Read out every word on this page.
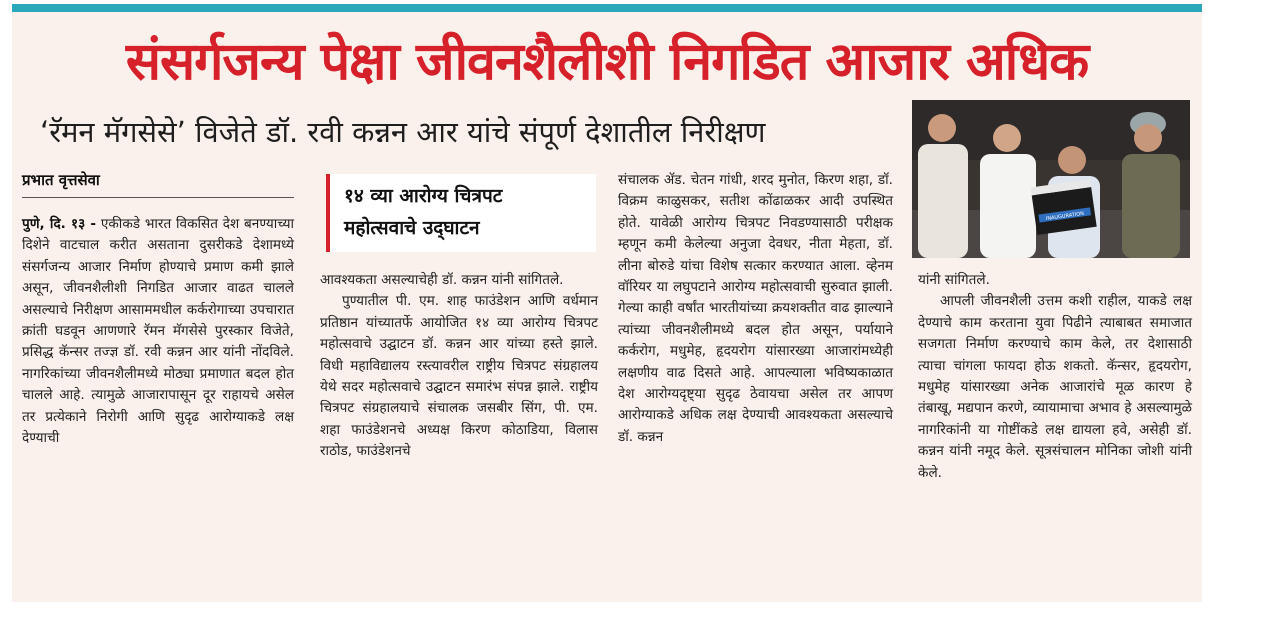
संसर्गजन्य पेक्षा जीवनशैलीशी निगडित आजार अधिक
‘रॅमन मॅगसेसे’ विजेते डॉ. रवी कन्नन आर यांचे संपूर्ण देशातील निरीक्षण
INAUGURATION
प्रभात वृत्तसेवा

पुणे, दि. १३ - एकीकडे भारत विकसित देश बनण्याच्या दिशेने वाटचाल करीत असताना दुसरीकडे देशामध्ये संसर्गजन्य आजार निर्माण होण्याचे प्रमाण कमी झाले असून, जीवनशैलीशी निगडित आजार वाढत चालले असल्याचे निरीक्षण आसाममधील कर्करोगाच्या उपचारात क्रांती घडवून आणणारे रॅमन मॅगसेसे पुरस्कार विजेते, प्रसिद्ध कॅन्सर तज्ज्ञ डॉ. रवी कन्नन आर यांनी नोंदविले. नागरिकांच्या जीवनशैलीमध्ये मोठ्या प्रमाणात बदल होत चालले आहे. त्यामुळे आजारापासून दूर राहायचे असेल तर प्रत्येकाने निरोगी आणि सुदृढ आरोग्याकडे लक्ष देण्याची

१४ व्या आरोग्य चित्रपट
महोत्सवाचे उद्‌घाटन

आवश्यकता असल्याचेही डॉ. कन्नन यांनी सांगितले.

पुण्यातील पी. एम. शाह फाउंडेशन आणि वर्धमान प्रतिष्ठान यांच्यातर्फे आयोजित १४ व्या आरोग्य चित्रपट महोत्सवाचे उद्घाटन डॉ. कन्नन आर यांच्या हस्ते झाले. विधी महाविद्यालय रस्त्यावरील राष्ट्रीय चित्रपट संग्रहालय येथे सदर महोत्सवाचे उद्घाटन समारंभ संपन्न झाले. राष्ट्रीय चित्रपट संग्रहालयाचे संचालक जसबीर सिंग, पी. एम. शहा फाउंडेशनचे अध्यक्ष किरण कोठाडिया, विलास राठोड, फाउंडेशनचे

संचालक ॲड. चेतन गांधी, शरद मुनोत, किरण शहा, डॉ. विक्रम काळुसकर, सतीश कोंढाळकर आदी उपस्थित होते. यावेळी आरोग्य चित्रपट निवडण्यासाठी परीक्षक म्हणून कमी केलेल्या अनुजा देवधर, नीता मेहता, डॉ. लीना बोरुडे यांचा विशेष सत्कार करण्यात आला. व्हेनम वॉरियर या लघुपटाने आरोग्य महोत्सवाची सुरुवात झाली. गेल्या काही वर्षांत भारतीयांच्या क्रयशक्तीत वाढ झाल्याने त्यांच्या जीवनशैलीमध्ये बदल होत असून, पर्यायाने कर्करोग, मधुमेह, हृदयरोग यांसारख्या आजारांमध्येही लक्षणीय वाढ दिसते आहे. आपल्याला भविष्यकाळात देश आरोग्यदृष्ट्या सुदृढ ठेवायचा असेल तर आपण आरोग्याकडे अधिक लक्ष देण्याची आवश्यकता असल्याचे डॉ. कन्नन

यांनी सांगितले.

आपली जीवनशैली उत्तम कशी राहील, याकडे लक्ष देण्याचे काम करताना युवा पिढीने त्याबाबत समाजात सजगता निर्माण करण्याचे काम केले, तर देशासाठी त्याचा चांगला फायदा होऊ शकतो. कॅन्सर, हृदयरोग, मधुमेह यांसारख्या अनेक आजारांचे मूळ कारण हे तंबाखू, मद्यपान करणे, व्यायामाचा अभाव हे असल्यामुळे नागरिकांनी या गोष्टींकडे लक्ष द्यायला हवे, असेही डॉ. कन्नन यांनी नमूद केले. सूत्रसंचालन मोनिका जोशी यांनी केले.
